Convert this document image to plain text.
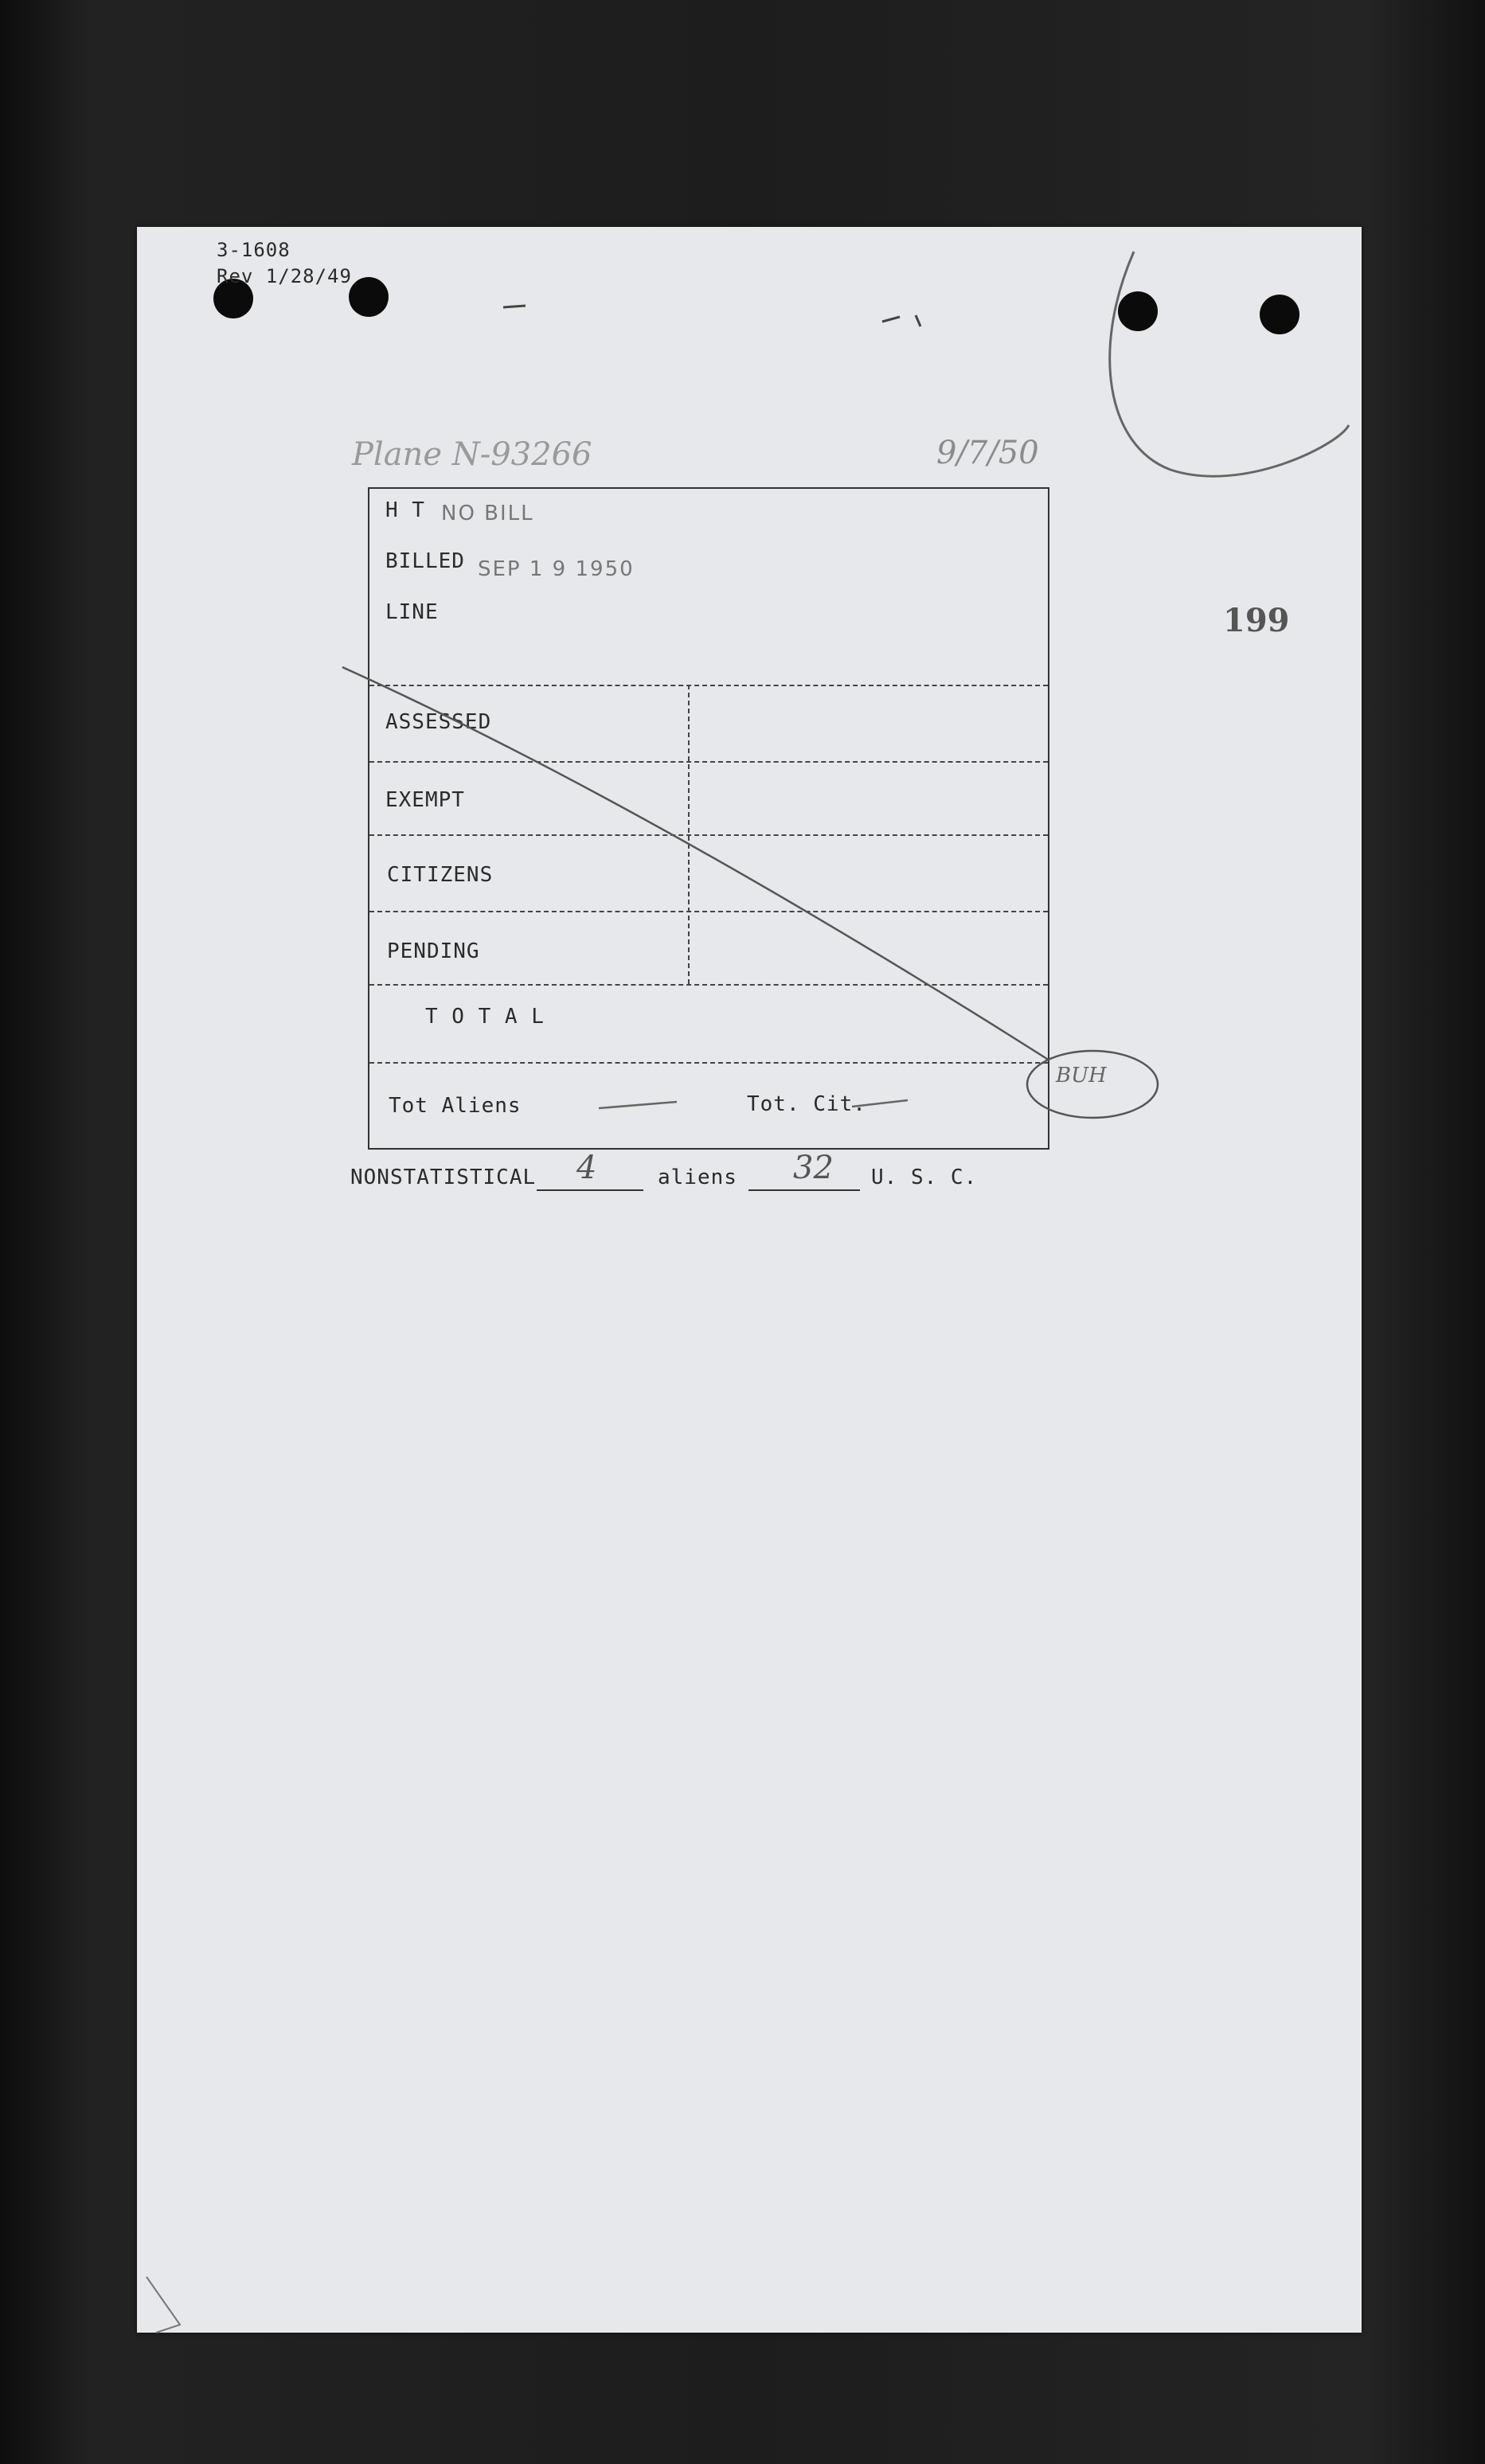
3-1608
Rev 1/28/49
Plane N-93266	9/7/50
199
H T NO BILL
BILLED SEP 1 9 1950
LINE
ASSESSED
EXEMPT
CITIZENS
PENDING
T O T A L
Tot Aliens	Tot. Cit.
NONSTATISTICAL 4	aliens 32 U. S. C.
BUH
